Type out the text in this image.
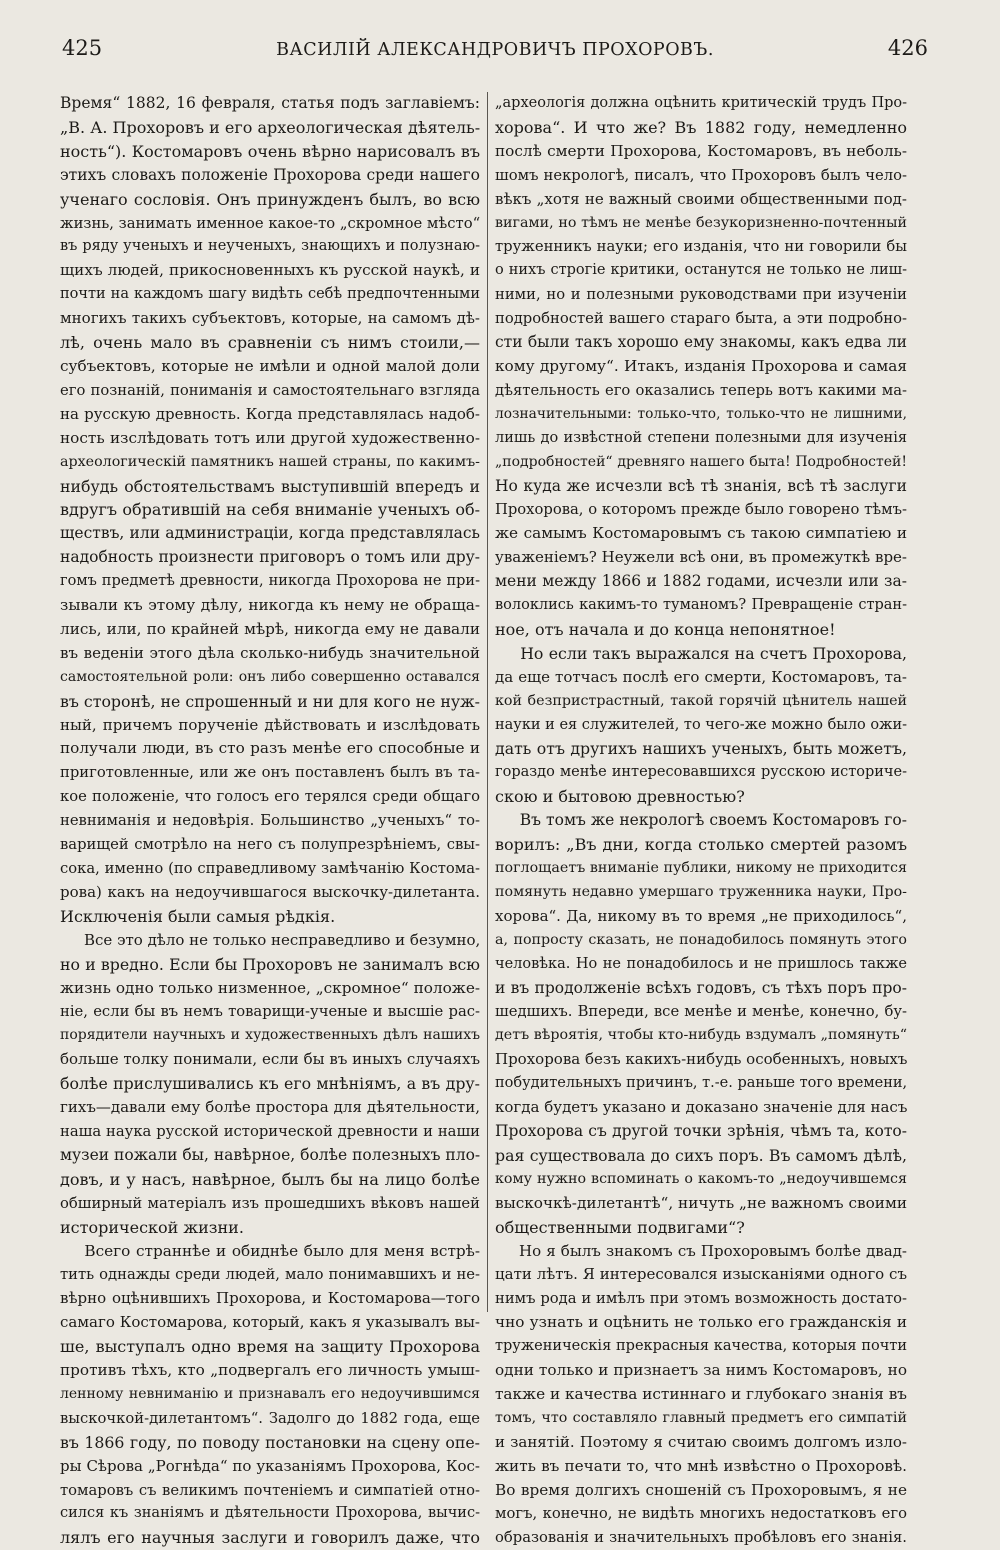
425	ВАСИЛІЙ АЛЕКСАНДРОВИЧЪ ПРОХОРОВЪ.	426
Время“ 1882, 16 февраля, статья подъ заглавіемъ:
„В. А. Прохоровъ и его археологическая дѣятель-
ность“). Костомаровъ очень вѣрно нарисовалъ въ
этихъ словахъ положеніе Прохорова среди нашего
ученаго сословія. Онъ принужденъ былъ, во всю
жизнь, занимать именное какое-то „скромное мѣсто“
въ ряду ученыхъ и неученыхъ, знающихъ и полузнаю-
щихъ людей, прикосновенныхъ къ русской наукѣ, и
почти на каждомъ шагу видѣть себѣ предпочтенными
многихъ такихъ субъектовъ, которые, на самомъ дѣ-
лѣ, очень мало въ сравненіи съ нимъ стоили,—
субъектовъ, которые не имѣли и одной малой доли
его познаній, пониманія и самостоятельнаго взгляда
на русскую древность. Когда представлялась надоб-
ность изслѣдовать тотъ или другой художественно-
археологическій памятникъ нашей страны, по какимъ-
нибудь обстоятельствамъ выступившій впередъ и
вдругъ обратившій на себя вниманіе ученыхъ об-
ществъ, или администраціи, когда представлялась
надобность произнести приговоръ о томъ или дру-
гомъ предметѣ древности, никогда Прохорова не при-
зывали къ этому дѣлу, никогда къ нему не обраща-
лись, или, по крайней мѣрѣ, никогда ему не давали
въ веденіи этого дѣла сколько-нибудь значительной
самостоятельной роли: онъ либо совершенно оставался
въ сторонѣ, не спрошенный и ни для кого не нуж-
ный, причемъ порученіе дѣйствовать и изслѣдовать
получали люди, въ сто разъ менѣе его способные и
приготовленные, или же онъ поставленъ былъ въ та-
кое положеніе, что голосъ его терялся среди общаго
невниманія и недовѣрія. Большинство „ученыхъ“ то-
варищей смотрѣло на него съ полупрезрѣніемъ, свы-
сока, именно (по справедливому замѣчанію Костома-
рова) какъ на недоучившагося выскочку-дилетанта.
Исключенія были самыя рѣдкія.
Все это дѣло не только несправедливо и безумно,
но и вредно. Если бы Прохоровъ не занималъ всю
жизнь одно только низменное, „скромное“ положе-
ніе, если бы въ немъ товарищи-ученые и высшіе рас-
порядители научныхъ и художественныхъ дѣлъ нашихъ
больше толку понимали, если бы въ иныхъ случаяхъ
болѣе прислушивались къ его мнѣніямъ, а въ дру-
гихъ—давали ему болѣе простора для дѣятельности,
наша наука русской исторической древности и наши
музеи пожали бы, навѣрное, болѣе полезныхъ пло-
довъ, и у насъ, навѣрное, былъ бы на лицо болѣе
обширный матеріалъ изъ прошедшихъ вѣковъ нашей
исторической жизни.
Всего страннѣе и обиднѣе было для меня встрѣ-
тить однажды среди людей, мало понимавшихъ и не-
вѣрно оцѣнившихъ Прохорова, и Костомарова—того
самаго Костомарова, который, какъ я указывалъ вы-
ше, выступалъ одно время на защиту Прохорова
противъ тѣхъ, кто „подвергалъ его личность умыш-
ленному невниманію и признавалъ его недоучившимся
выскочкой-дилетантомъ“. Задолго до 1882 года, еще
въ 1866 году, по поводу постановки на сцену опе-
ры Сѣрова „Рогнѣда“ по указаніямъ Прохорова, Кос-
томаровъ съ великимъ почтеніемъ и симпатіей отно-
сился къ знаніямъ и дѣятельности Прохорова, вычис-
лялъ его научныя заслуги и говорилъ даже, что
„археологія должна оцѣнить критическій трудъ Про-
хорова“. И что же? Въ 1882 году, немедленно
послѣ смерти Прохорова, Костомаровъ, въ неболь-
шомъ некрологѣ, писалъ, что Прохоровъ былъ чело-
вѣкъ „хотя не важный своими общественными под-
вигами, но тѣмъ не менѣе безукоризненно-почтенный
труженникъ науки; его изданія, что ни говорили бы
о нихъ строгіе критики, останутся не только не лиш-
ними, но и полезными руководствами при изученіи
подробностей вашего стараго быта, а эти подробно-
сти были такъ хорошо ему знакомы, какъ едва ли
кому другому“. Итакъ, изданія Прохорова и самая
дѣятельность его оказались теперь вотъ какими ма-
лозначительными: только-что, только-что не лишними,
лишь до извѣстной степени полезными для изученія
„подробностей“ древняго нашего быта! Подробностей!
Но куда же исчезли всѣ тѣ знанія, всѣ тѣ заслуги
Прохорова, о которомъ прежде было говорено тѣмъ-
же самымъ Костомаровымъ съ такою симпатіею и
уваженіемъ? Неужели всѣ они, въ промежуткѣ вре-
мени между 1866 и 1882 годами, исчезли или за-
волоклись какимъ-то туманомъ? Превращеніе стран-
ное, отъ начала и до конца непонятное!
Но если такъ выражался на счетъ Прохорова,
да еще тотчасъ послѣ его смерти, Костомаровъ, та-
кой безпристрастный, такой горячій цѣнитель нашей
науки и ея служителей, то чего-же можно было ожи-
дать отъ другихъ нашихъ ученыхъ, быть можетъ,
гораздо менѣе интересовавшихся русскою историче-
скою и бытовою древностью?
Въ томъ же некрологѣ своемъ Костомаровъ го-
ворилъ: „Въ дни, когда столько смертей разомъ
поглощаетъ вниманіе публики, никому не приходится
помянуть недавно умершаго труженника науки, Про-
хорова“. Да, никому въ то время „не приходилось“,
а, попросту сказать, не понадобилось помянуть этого
человѣка. Но не понадобилось и не пришлось также
и въ продолженіе всѣхъ годовъ, съ тѣхъ поръ про-
шедшихъ. Впереди, все менѣе и менѣе, конечно, бу-
детъ вѣроятія, чтобы кто-нибудь вздумалъ „помянуть“
Прохорова безъ какихъ-нибудь особенныхъ, новыхъ
побудительныхъ причинъ, т.-е. раньше того времени,
когда будетъ указано и доказано значеніе для насъ
Прохорова съ другой точки зрѣнія, чѣмъ та, кото-
рая существовала до сихъ поръ. Въ самомъ дѣлѣ,
кому нужно вспоминать о какомъ-то „недоучившемся
выскочкѣ-дилетантѣ“, ничуть „не важномъ своими
общественными подвигами“?
Но я былъ знакомъ съ Прохоровымъ болѣе двад-
цати лѣтъ. Я интересовался изысканіями одного съ
нимъ рода и имѣлъ при этомъ возможность достато-
чно узнать и оцѣнить не только его гражданскія и
труженическія прекрасныя качества, которыя почти
одни только и признаетъ за нимъ Костомаровъ, но
также и качества истиннаго и глубокаго знанія въ
томъ, что составляло главный предметъ его симпатій
и занятій. Поэтому я считаю своимъ долгомъ изло-
жить въ печати то, что мнѣ извѣстно о Прохоровѣ.
Во время долгихъ сношеній съ Прохоровымъ, я не
могъ, конечно, не видѣть многихъ недостатковъ его
образованія и значительныхъ пробѣловъ его знанія.
